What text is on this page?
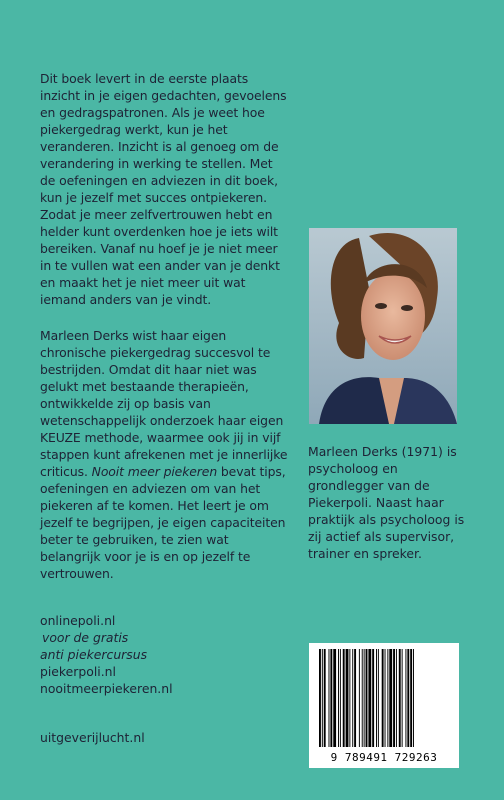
Dit boek levert in de eerste plaats inzicht in je eigen gedachten, gevoelens en gedragspatronen. Als je weet hoe piekergedrag werkt, kun je het veranderen. Inzicht is al genoeg om de verandering in werking te stellen. Met de oefeningen en adviezen in dit boek, kun je jezelf met succes ontpiekeren. Zodat je meer zelfvertrouwen hebt en helder kunt overdenken hoe je iets wilt bereiken. Vanaf nu hoef je je niet meer in te vullen wat een ander van je denkt en maakt het je niet meer uit wat iemand anders van je vindt.

Marleen Derks wist haar eigen chronische piekergedrag succesvol te bestrijden. Omdat dit haar niet was gelukt met bestaande therapieën, ontwikkelde zij op basis van wetenschappelijk onderzoek haar eigen KEUZE methode, waarmee ook jij in vijf stappen kunt afrekenen met je innerlijke criticus. Nooit meer piekeren bevat tips, oefeningen en adviezen om van het piekeren af te komen. Het leert je om jezelf te begrijpen, je eigen capaciteiten beter te gebruiken, te zien wat belangrijk voor je is en op jezelf te vertrouwen.

onlinepoli.nl
voor de gratis
anti piekercursus
piekerpoli.nl
nooitmeerpiekeren.nl
uitgeverijlucht.nl
Marleen Derks (1971) is psycholoog en grondlegger van de Piekerpoli. Naast haar praktijk als psycholoog is zij actief als supervisor, trainer en spreker.
9 789491 729263
